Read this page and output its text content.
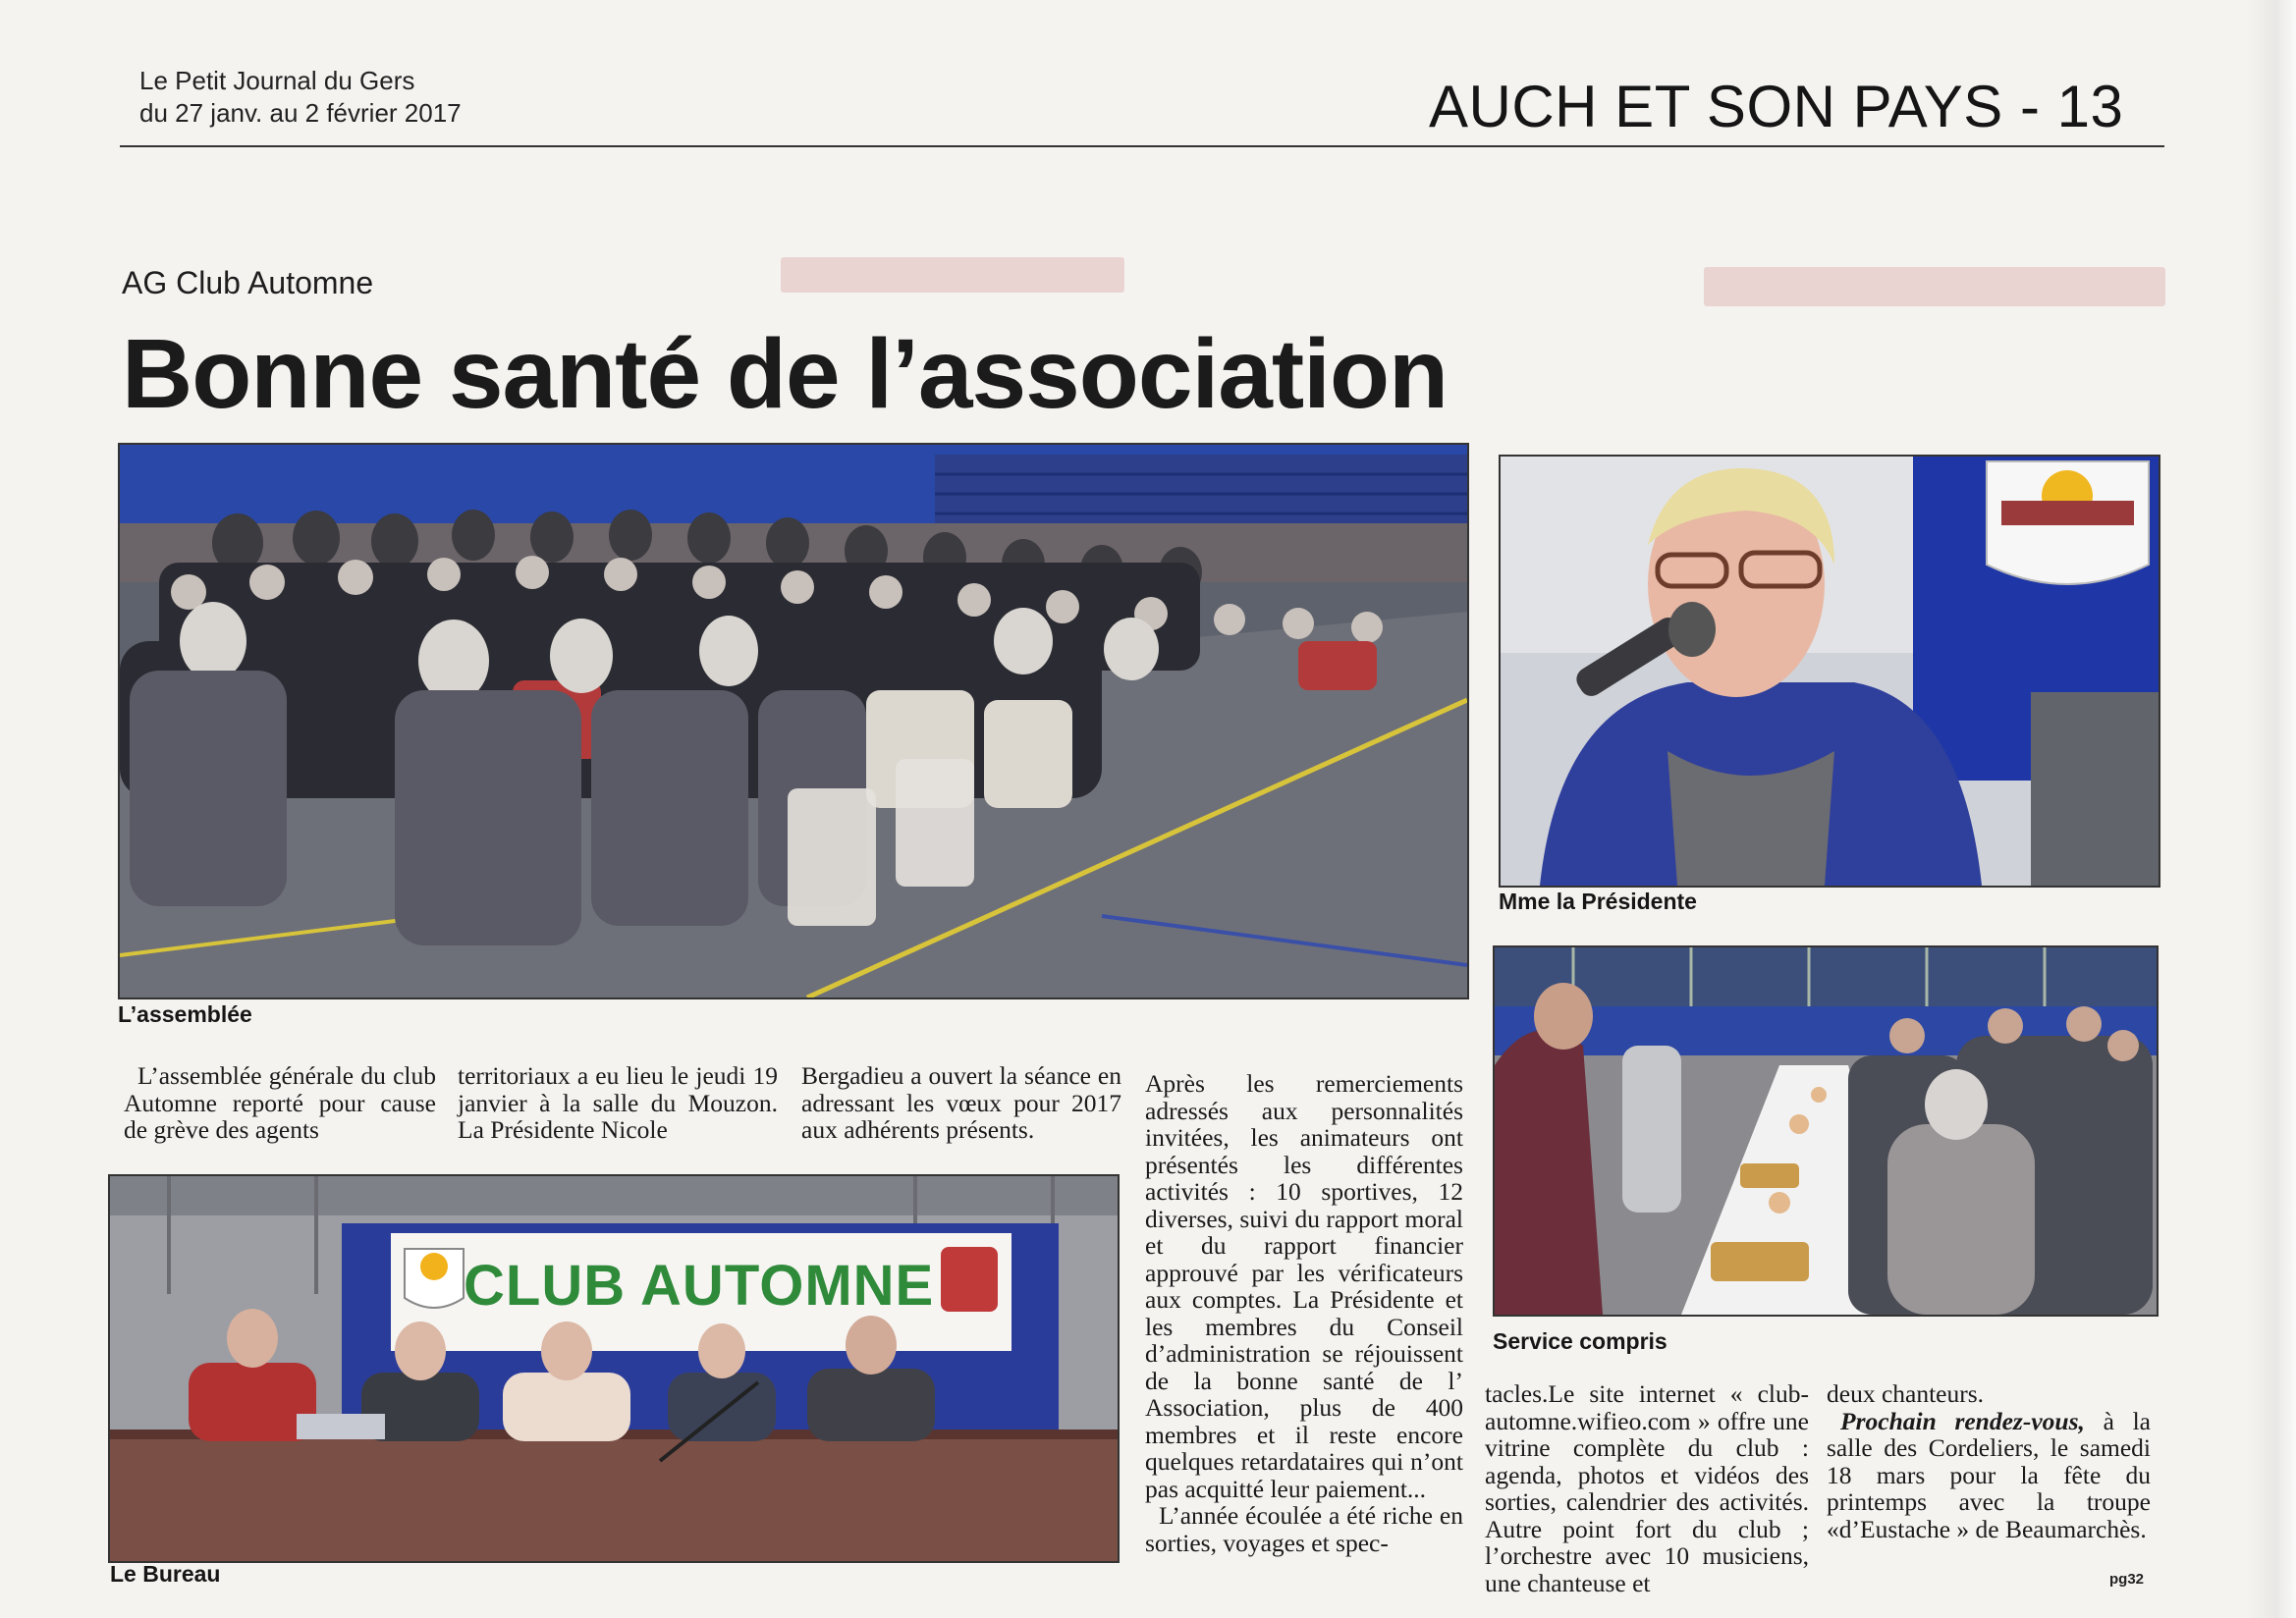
Le Petit Journal du Gers
du 27 janv. au 2 février 2017	AUCH ET SON PAYS - 13
AG Club Automne
Bonne santé de l’association
L’assemblée
Mme la Présidente
Service compris
CLUB AUTOMNE
Le Bureau

L’assemblée générale du club Automne reporté pour cause de grève des agents

territoriaux a eu lieu le jeudi 19 janvier à la salle du Mouzon. La Présidente Nicole

Bergadieu a ouvert la séance en adressant les vœux pour 2017 aux adhérents présents.

Après les remerciements adressés aux personnalités invitées, les animateurs ont présentés les différentes activités : 10 sportives, 12 diverses, suivi du rapport moral et du rapport financier approuvé par les vérificateurs aux comptes. La Présidente et les membres du Conseil d’administration se réjouissent de la bonne santé de l’ Association, plus de 400 membres et il reste encore quelques retardataires qui n’ont pas acquitté leur paiement...

L’année écoulée a été riche en sorties, voyages et spec-

tacles.Le site internet « club-automne.wifieo.com » offre une vitrine complète du club : agenda, photos et vidéos des sorties, calendrier des activités. Autre point fort du club ; l’orchestre avec 10 musiciens, une chanteuse et

deux chanteurs.

Prochain rendez-vous, à la salle des Cordeliers, le samedi 18 mars pour la fête du printemps avec la troupe «d’Eustache » de Beaumarchès.

pg32
